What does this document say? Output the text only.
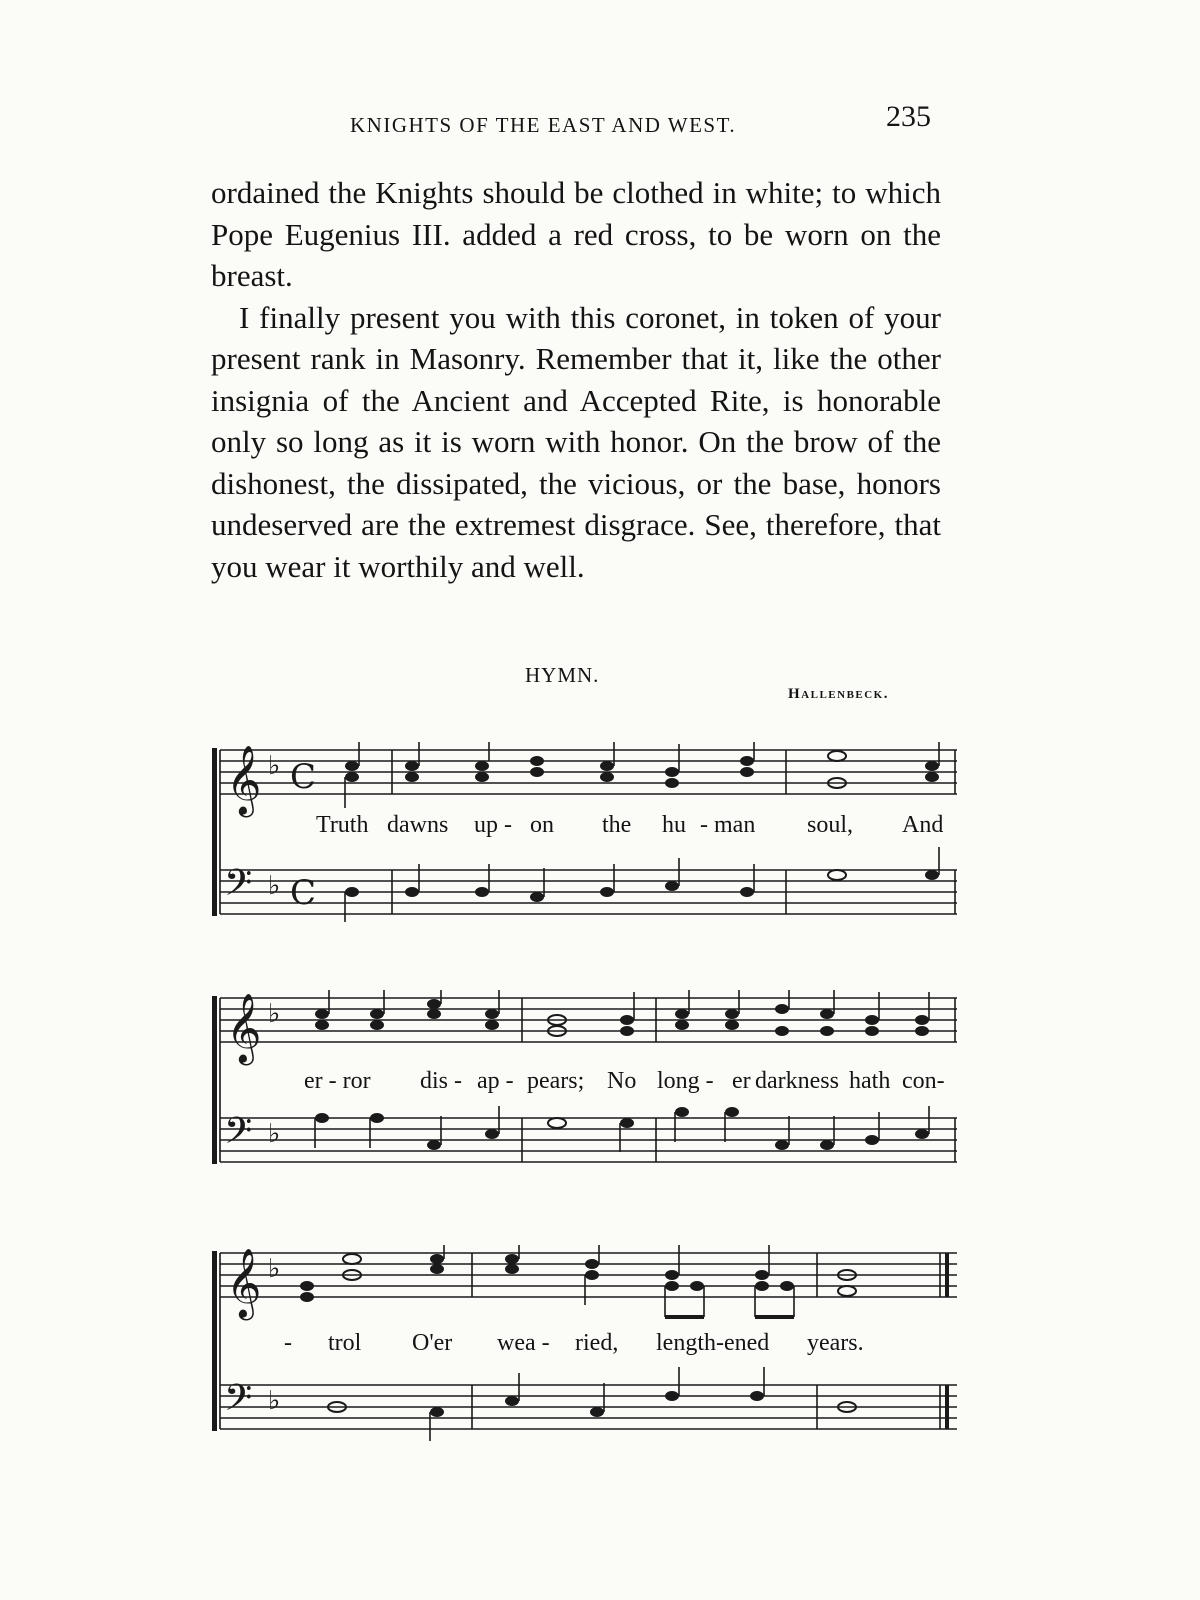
KNIGHTS OF THE EAST AND WEST.	235

ordained the Knights should be clothed in white; to which Pope Eugenius III. added a red cross, to be worn on the breast.

I finally present you with this coronet, in token of your present rank in Masonry. Remember that it, like the other insignia of the Ancient and Accepted Rite, is honorable only so long as it is worn with honor. On the brow of the dishonest, the dissipated, the vicious, or the base, honors undeserved are the extremest disgrace. See, therefore, that you wear it worthily and well.

HYMN.
Hallenbeck.
𝄞 ♭ C
𝄢 ♭ C
Truth dawns up - on the hu - man soul, And
𝄞 ♭
𝄢 ♭
er - ror dis - ap - pears; No long - er darkness hath con-
𝄞 ♭
𝄢 ♭
- trol O'er wea - ried, length-ened years.
